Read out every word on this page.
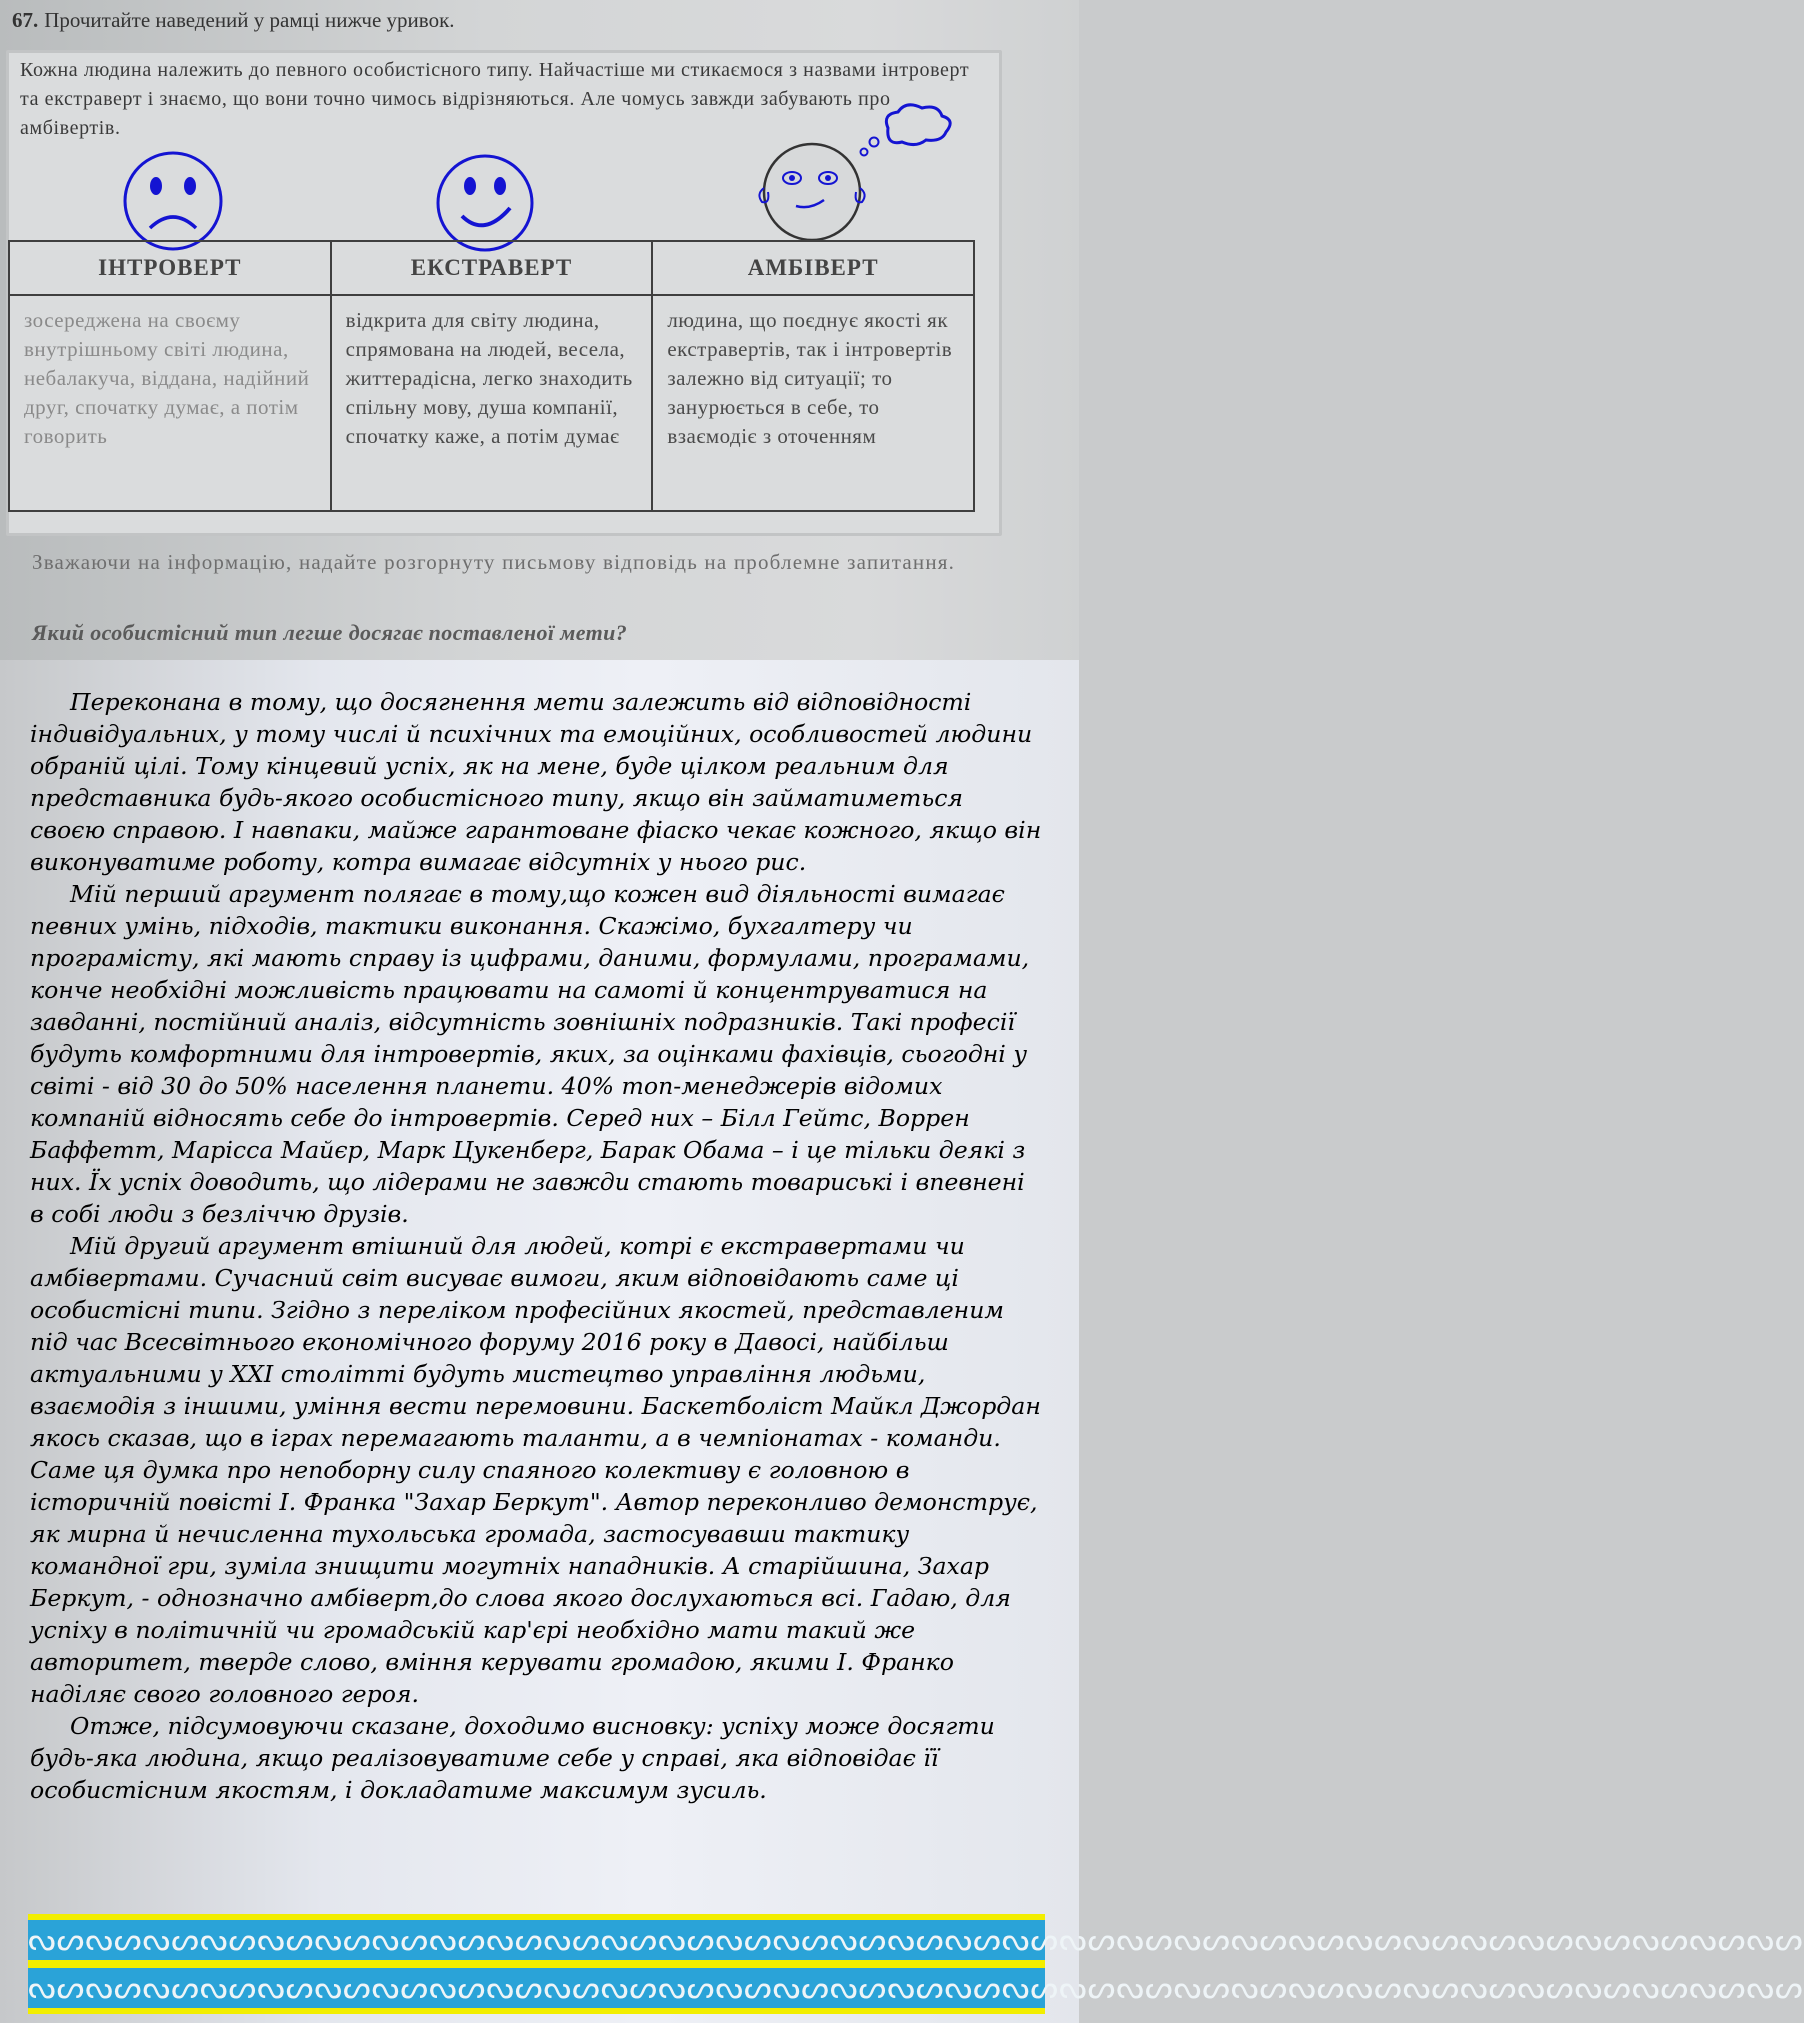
67. Прочитайте наведений у рамці нижче уривок.
Кожна людина належить до певного особистісного типу. Найчастіше ми стикаємося з назвами інтроверт та екстраверт і знаємо, що вони точно чимось відрізняються. Але чомусь завжди забувають про амбівертів.
ІНТРОВЕРТ	ЕКСТРАВЕРТ	АМБІВЕРТ
зосереджена на своєму внутрішньому світі людина, небалакуча, віддана, надійний друг, спочатку думає, а потім говорить	відкрита для світу людина, спрямована на людей, весела, життерадісна, легко знаходить спільну мову, душа компанії, спочатку каже, а потім думає	людина, що поєднує якості як екстравертів, так і інтровертів залежно від ситуації; то занурюється в себе, то взаємодіє з оточенням
Зважаючи на інформацію, надайте розгорнуту письмову відповідь на проблемне запитання.
Який особистісний тип легше досягає поставленої мети?

Переконана в тому, що досягнення мети залежить від відповідності індивідуальних, у тому числі й психічних та емоційних, особливостей людини обраній цілі. Тому кінцевий успіх, як на мене, буде цілком реальним для представника будь-якого особистісного типу, якщо він займатиметься своєю справою. І навпаки, майже гарантоване фіаско чекає кожного, якщо він виконуватиме роботу, котра вимагає відсутніх у нього рис.

Мій перший аргумент полягає в тому,що кожен вид діяльності вимагає певних умінь, підходів, тактики виконання. Скажімо, бухгалтеру чи програмісту, які мають справу із цифрами, даними, формулами, програмами, конче необхідні можливість працювати на самоті й концентруватися на завданні, постійний аналіз, відсутність зовнішніх подразників. Такі професії будуть комфортними для інтровертів, яких, за оцінками фахівців, сьогодні у світі - від 30 до 50% населення планети. 40% топ-менеджерів відомих компаній відносять себе до інтровертів. Серед них – Білл Гейтс, Воррен Баффетт, Марісса Майєр, Марк Цукенберг, Барак Обама – і це тільки деякі з них. Їх успіх доводить, що лідерами не завжди стають товариські і впевнені в собі люди з безліччю друзів.

Мій другий аргумент втішний для людей, котрі є екстравертами чи амбівертами. Сучасний світ висуває вимоги, яким відповідають саме ці особистісні типи. Згідно з переліком професійних якостей, представленим під час Всесвітнього економічного форуму 2016 року в Давосі, найбільш актуальними у XXI столітті будуть мистецтво управління людьми, взаємодія з іншими, уміння вести перемовини. Баскетболіст Майкл Джордан якось сказав, що в іграх перемагають таланти, а в чемпіонатах - команди. Саме ця думка про непоборну силу спаяного колективу є головною в історичній повісті І. Франка "Захар Беркут". Автор переконливо демонструє, як мирна й нечисленна тухольська громада, застосувавши тактику командної гри, зуміла знищити могутніх нападників. А старійшина, Захар Беркут, - однозначно амбіверт,до слова якого дослухаються всі. Гадаю, для успіху в політичній чи громадській кар'єрі необхідно мати такий же авторитет, тверде слово, вміння керувати громадою, якими І. Франко наділяє свого головного героя.

Отже, підсумовуючи сказане, доходимо висновку: успіху може досягти будь-яка людина, якщо реалізовуватиме себе у справі, яка відповідає її особистісним якостям, і докладатиме максимум зусиль.

ᔓᔕᔓᔕᔓᔕᔓᔕᔓᔕᔓᔕᔓᔕᔓᔕᔓᔕᔓᔕᔓᔕᔓᔕᔓᔕᔓᔕᔓᔕᔓᔕᔓᔕᔓᔕᔓᔕᔓᔕᔓᔕᔓᔕᔓᔕᔓᔕᔓᔕᔓᔕᔓᔕᔓᔕᔓᔕᔓᔕᔓᔕ
ᔓᔕᔓᔕᔓᔕᔓᔕᔓᔕᔓᔕᔓᔕᔓᔕᔓᔕᔓᔕᔓᔕᔓᔕᔓᔕᔓᔕᔓᔕᔓᔕᔓᔕᔓᔕᔓᔕᔓᔕᔓᔕᔓᔕᔓᔕᔓᔕᔓᔕᔓᔕᔓᔕᔓᔕᔓᔕᔓᔕᔓᔕ
